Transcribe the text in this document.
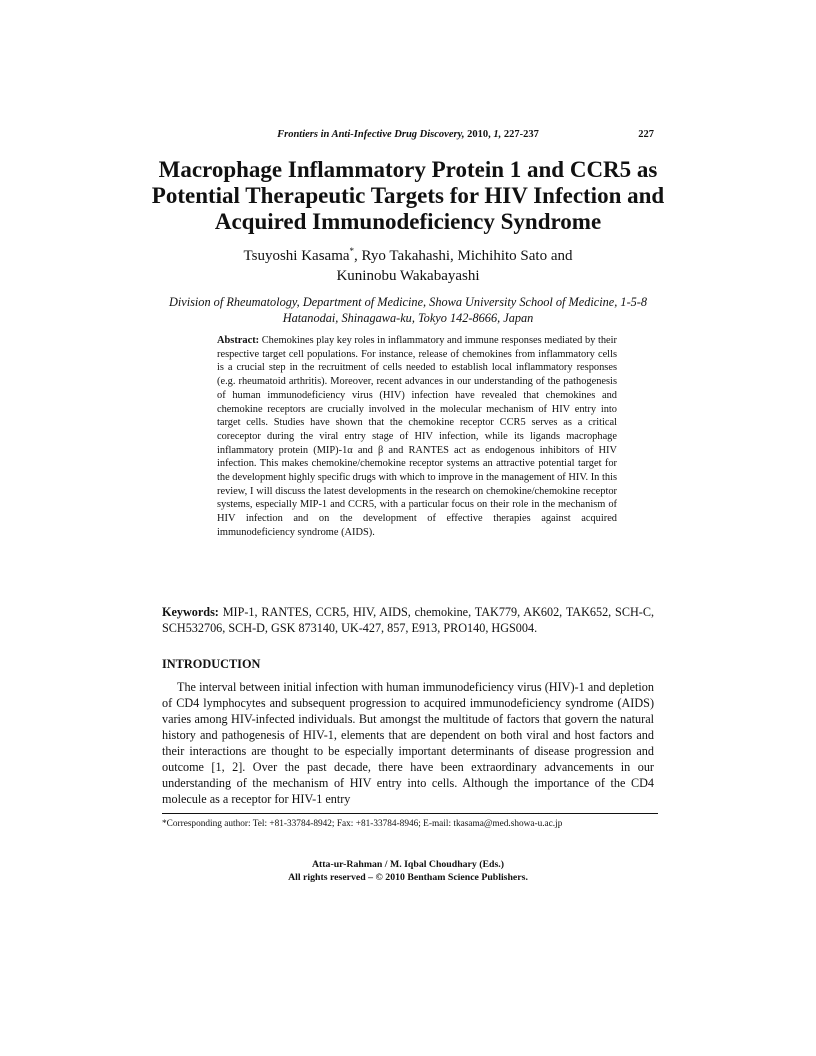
Frontiers in Anti-Infective Drug Discovery, 2010, 1, 227-237	227
Macrophage Inflammatory Protein 1 and CCR5 as Potential Therapeutic Targets for HIV Infection and Acquired Immunodeficiency Syndrome
Tsuyoshi Kasama*, Ryo Takahashi, Michihito Sato and
Kuninobu Wakabayashi
Division of Rheumatology, Department of Medicine, Showa University School of Medicine, 1-5-8 Hatanodai, Shinagawa-ku, Tokyo 142-8666, Japan
Abstract: Chemokines play key roles in inflammatory and immune responses mediated by their respective target cell populations. For instance, release of chemokines from inflammatory cells is a crucial step in the recruitment of cells needed to establish local inflammatory responses (e.g. rheumatoid arthritis). Moreover, recent advances in our understanding of the pathogenesis of human immunodeficiency virus (HIV) infection have revealed that chemokines and chemokine receptors are crucially involved in the molecular mechanism of HIV entry into target cells. Studies have shown that the chemokine receptor CCR5 serves as a critical coreceptor during the viral entry stage of HIV infection, while its ligands macrophage inflammatory protein (MIP)-1α and β and RANTES act as endogenous inhibitors of HIV infection. This makes chemokine/chemokine receptor systems an attractive potential target for the development highly specific drugs with which to improve in the management of HIV. In this review, I will discuss the latest developments in the research on chemokine/chemokine receptor systems, especially MIP-1 and CCR5, with a particular focus on their role in the mechanism of HIV infection and on the development of effective therapies against acquired immunodeficiency syndrome (AIDS).
Keywords: MIP-1, RANTES, CCR5, HIV, AIDS, chemokine, TAK779, AK602, TAK652, SCH-C, SCH532706, SCH-D, GSK 873140, UK-427, 857, E913, PRO140, HGS004.
INTRODUCTION

The interval between initial infection with human immunodeficiency virus (HIV)-1 and depletion of CD4 lymphocytes and subsequent progression to acquired immunodeficiency syndrome (AIDS) varies among HIV-infected individuals. But amongst the multitude of factors that govern the natural history and pathogenesis of HIV-1, elements that are dependent on both viral and host factors and their interactions are thought to be especially important determinants of disease progression and outcome [1, 2]. Over the past decade, there have been extraordinary advancements in our understanding of the mechanism of HIV entry into cells. Although the importance of the CD4 molecule as a receptor for HIV-1 entry

*Corresponding author: Tel: +81-33784-8942; Fax: +81-33784-8946; E-mail: tkasama@med.showa-u.ac.jp
Atta-ur-Rahman / M. Iqbal Choudhary (Eds.)
All rights reserved – © 2010 Bentham Science Publishers.
